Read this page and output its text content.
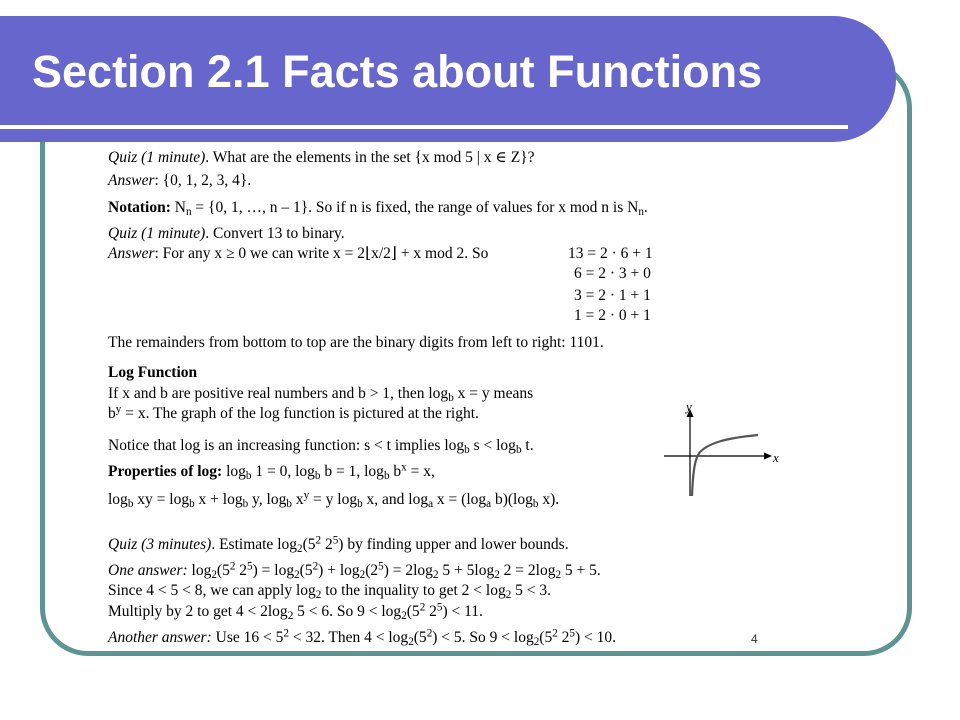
Section 2.1 Facts about Functions
Quiz (1 minute). What are the elements in the set {x mod 5 | x ∈ Z}?
Answer: {0, 1, 2, 3, 4}.
Notation: $N_n = \{0$, 1, …, n – 1}. So if n is fixed, the range of values for x mod n is $N_n$.
Quiz (1 minute). Convert 13 to binary.
Answer: For any x ≥ 0 we can write x = 2⌊x/2⌋ + x mod 2. So	13 = 2 · 6 + 1
6 = 2 · 3 + 0
3 = 2 · 1 + 1
1 = 2 · 0 + 1
The remainders from bottom to top are the binary digits from left to right: 1101.
Log Function
If x and b are positive real numbers and b > 1, then $\log_b x = y$ means
$b^y = x$. The graph of the log function is pictured at the right.
Notice that log is an increasing function: s < t implies $\log_b s < \log_b t$.
Properties of log: $\log_b 1 = 0$, $\log_b b = 1$, $\log_b b^x = x$,
$\log_b$ xy = $\log_b x + \log_b y$, $\log_b x^y = y$ $\log_b x$, and $\log_a x = (\log_a$ $b)(\log_b$ x).
Quiz (3 minutes). Estimate $\log_2(5^2$ $2^5$) by finding upper and lower bounds.
One answer: $\log_2(5^2$ $2^5) = \log_2(5^2) + \log_2(2^5) = 2\log_2$ $5 + 5\log_2$ $2 = 2\log_2$ 5 + 5.
Since 4 < 5 < 8, we can apply $\log_2$ to the inquality to get $2 < \log_2 5 < 3$.
Multiply by 2 to get $4 < 2\log_2$ 5 < 6. So $9 < \log_2(5^2$ $2^5) < 11$.
Another answer: Use $16 < 5^2 < 32$. Then $4 < \log_2(5^2) < 5$. So $9 < \log_2(5^2$ $2^5) < 10$.
y
x
4
